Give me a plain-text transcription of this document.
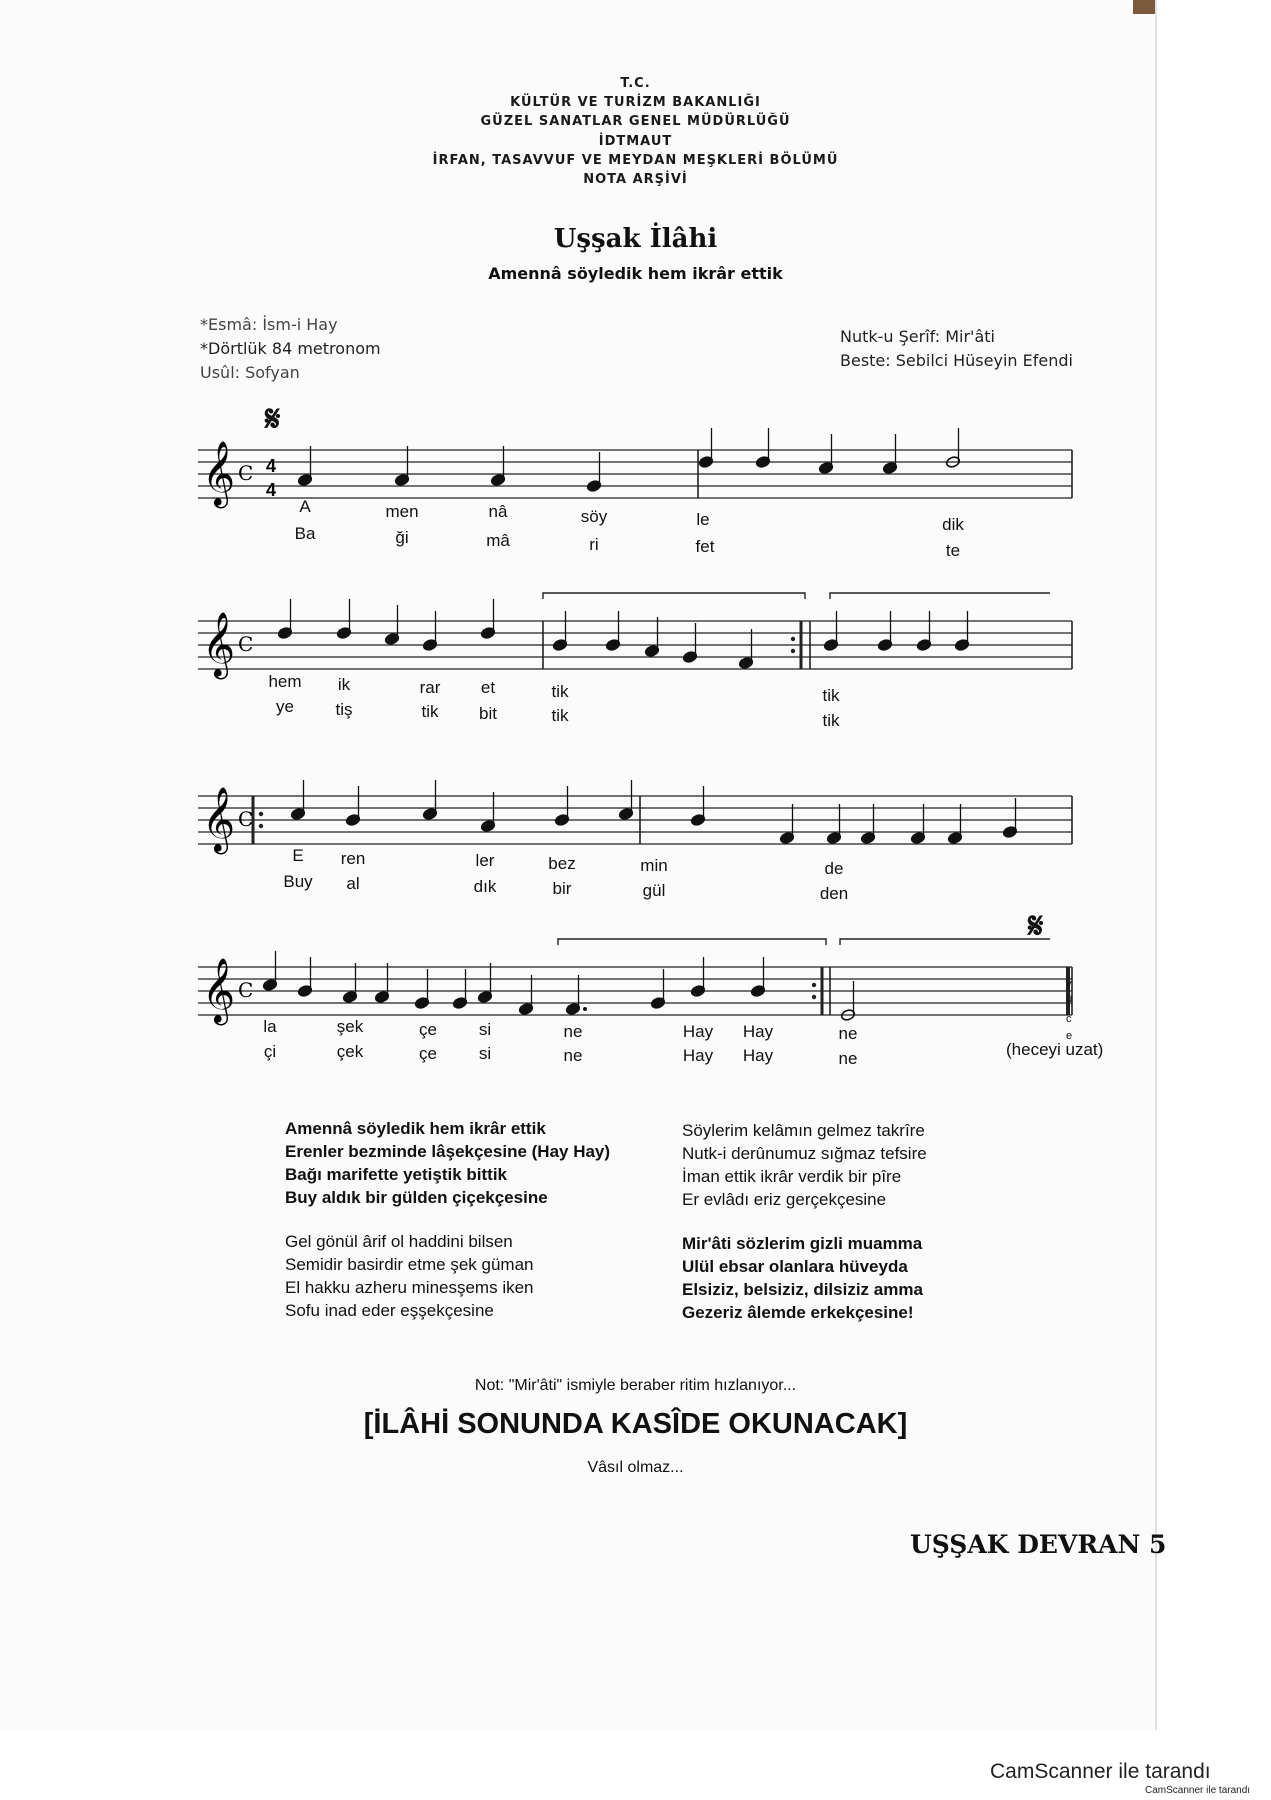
T.C.
KÜLTÜR VE TURİZM BAKANLIĞI
GÜZEL SANATLAR GENEL MÜDÜRLÜĞÜ
İDTMAUT
İRFAN, TASAVVUF VE MEYDAN MEŞKLERİ BÖLÜMÜ
NOTA ARŞİVİ
Uşşak İlâhi
Amennâ söyledik hem ikrâr ettik
*Esmâ: İsm-i Hay
*Dörtlük 84 metronom
Usûl: Sofyan
Nutk-u Şerîf: Mir'âti
Beste: Sebilci Hüseyin Efendi
𝄞 C 4
4
𝄞 C
𝄞 C
𝄞 C
𝄋
𝄋
A	men	nâ	söy	le	dik
Ba	ği	mâ	ri	fet	te
hem ik	rar et	tik	tik
ye tiş	tik bit	tik	tik
E ren	ler	bez	min	de
Buy al	dık	bir	gül	den
la	şek	çe si	ne	Hay Hay	ne
çi	çek	çe si	ne	Hay Hay	ne	(heceyi uzat)
y
ü
c
e
Amennâ söyledik hem ikrâr ettik
Erenler bezminde lâşekçesine (Hay Hay)
Bağı marifette yetiştik bittik
Buy aldık bir gülden çiçekçesine
Gel gönül ârif ol haddini bilsen
Semidir basirdir etme şek güman
El hakku azheru minesşems iken
Sofu inad eder eşşekçesine
Söylerim kelâmın gelmez takrîre
Nutk-i derûnumuz sığmaz tefsire
İman ettik ikrâr verdik bir pîre
Er evlâdı eriz gerçekçesine
Mir'âti sözlerim gizli muamma
Ulül ebsar olanlara hüveyda
Elsiziz, belsiziz, dilsiziz amma
Gezeriz âlemde erkekçesine!
Not: "Mir'âti" ismiyle beraber ritim hızlanıyor...
[İLÂHİ SONUNDA KASÎDE OKUNACAK]
Vâsıl olmaz...
UŞŞAK DEVRAN 5
CamScanner ile tarandı
CamScanner ile tarandı
